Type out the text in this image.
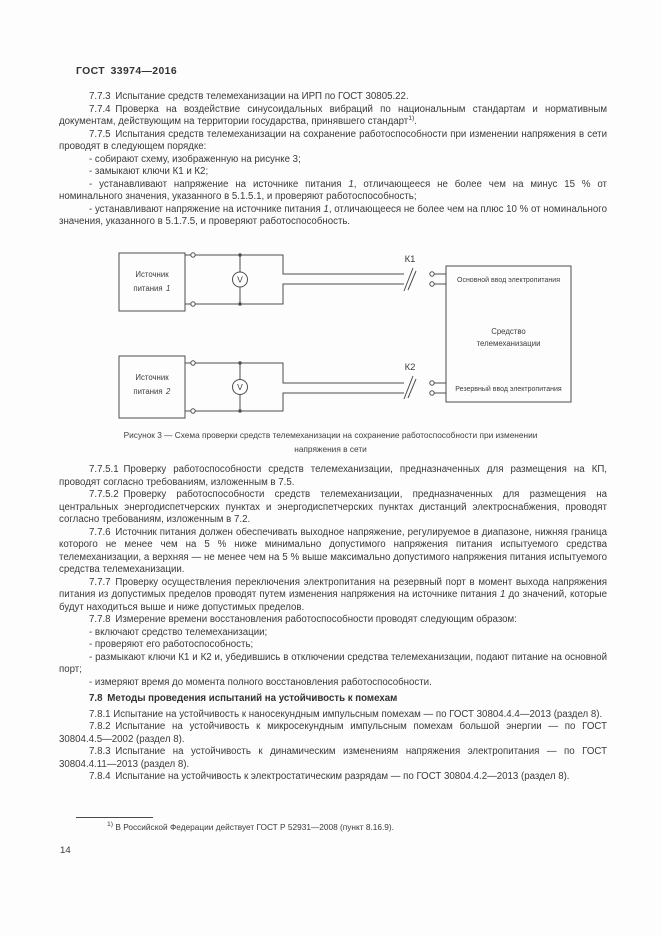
ГОСТ 33974—2016

7.7.3 Испытание средств телемеханизации на ИРП по ГОСТ 30805.22.

7.7.4 Проверка на воздействие синусоидальных вибраций по национальным стандартам и нормативным документам, действующим на территории государства, принявшего стандарт$^{1)}$.

7.7.5 Испытания средств телемеханизации на сохранение работоспособности при изменении напряжения в сети проводят в следующем порядке:

- собирают схему, изображенную на рисунке 3;

- замыкают ключи К1 и К2;

- устанавливают напряжение на источнике питания 1, отличающееся не более чем на минус 15 % от номинального значения, указанного в 5.1.5.1, и проверяют работоспособность;

- устанавливают напряжение на источнике питания 1, отличающееся не более чем на плюс 10 % от номинального значения, указанного в 5.1.7.5, и проверяют работоспособность.

Источник
питания 1
Источник
питания 2
V
V
К1
К2
Основной ввод электропитания
Средство
телемеханизации
Резервный ввод электропитания
Рисунок 3 — Схема проверки средств телемеханизации на сохранение работоспособности при изменении
напряжения в сети

7.7.5.1 Проверку работоспособности средств телемеханизации, предназначенных для размещения на КП, проводят согласно требованиям, изложенным в 7.5.

7.7.5.2 Проверку работоспособности средств телемеханизации, предназначенных для размещения на центральных энергодиспетчерских пунктах и энергодиспетчерских пунктах дистанций электроснабжения, проводят согласно требованиям, изложенным в 7.2.

7.7.6 Источник питания должен обеспечивать выходное напряжение, регулируемое в диапазоне, нижняя граница которого не менее чем на 5 % ниже минимально допустимого напряжения питания испытуемого средства телемеханизации, а верхняя — не менее чем на 5 % выше максимально допустимого напряжения питания испытуемого средства телемеханизации.

7.7.7 Проверку осуществления переключения электропитания на резервный порт в момент выхода напряжения питания из допустимых пределов проводят путем изменения напряжения на источнике питания 1 до значений, которые будут находиться выше и ниже допустимых пределов.

7.7.8 Измерение времени восстановления работоспособности проводят следующим образом:

- включают средство телемеханизации;

- проверяют его работоспособность;

- размыкают ключи К1 и К2 и, убедившись в отключении средства телемеханизации, подают питание на основной порт;

- измеряют время до момента полного восстановления работоспособности.

7.8 Методы проведения испытаний на устойчивость к помехам

7.8.1 Испытание на устойчивость к наносекундным импульсным помехам — по ГОСТ 30804.4.4—2013 (раздел 8).

7.8.2 Испытание на устойчивость к микросекундным импульсным помехам большой энергии — по ГОСТ 30804.4.5—2002 (раздел 8).

7.8.3 Испытание на устойчивость к динамическим изменениям напряжения электропитания — по ГОСТ 30804.4.11—2013 (раздел 8).

7.8.4 Испытание на устойчивость к электростатическим разрядам — по ГОСТ 30804.4.2—2013 (раздел 8).

$^{1)}$ В Российской Федерации действует ГОСТ Р 52931—2008 (пункт 8.16.9).

14
